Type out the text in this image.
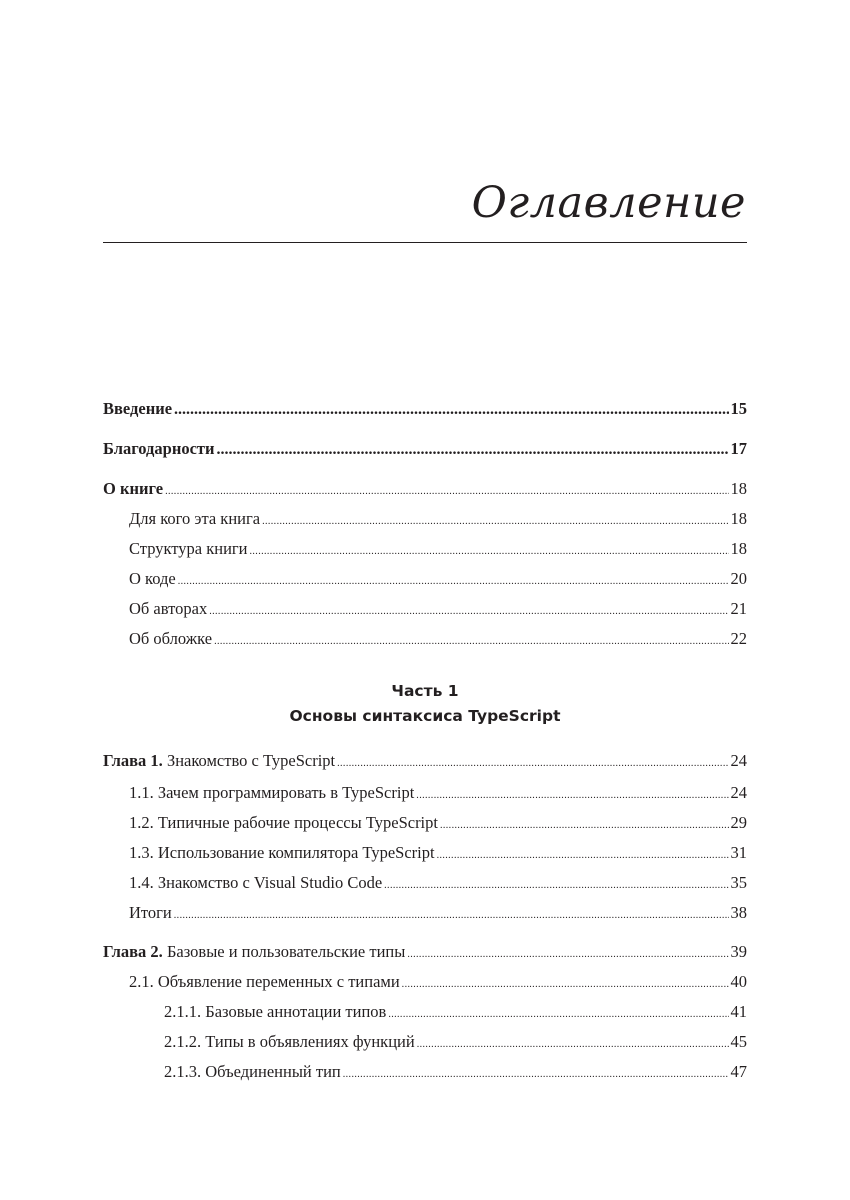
Оглавление
Введение .....	15
Благодарности .....	17
О книге .....	18
Для кого эта книга .....	18
Структура книги .....	18
О коде .....	20
Об авторах .....	21
Об обложке .....	22
Часть 1
Основы синтаксиса TypeScript
Глава 1.
Знакомство с TypeScript .....	24
1.1. Зачем программировать в TypeScript .....	24
1.2. Типичные рабочие процессы TypeScript .....	29
1.3. Использование компилятора TypeScript .....	31
1.4. Знакомство с Visual Studio Code .....	35
Итоги .....	38
Глава 2.
Базовые и пользовательские типы .....	39
2.1. Объявление переменных с типами .....	40
2.1.1. Базовые аннотации типов .....	41
2.1.2. Типы в объявлениях функций .....	45
2.1.3. Объединенный тип .....	47
